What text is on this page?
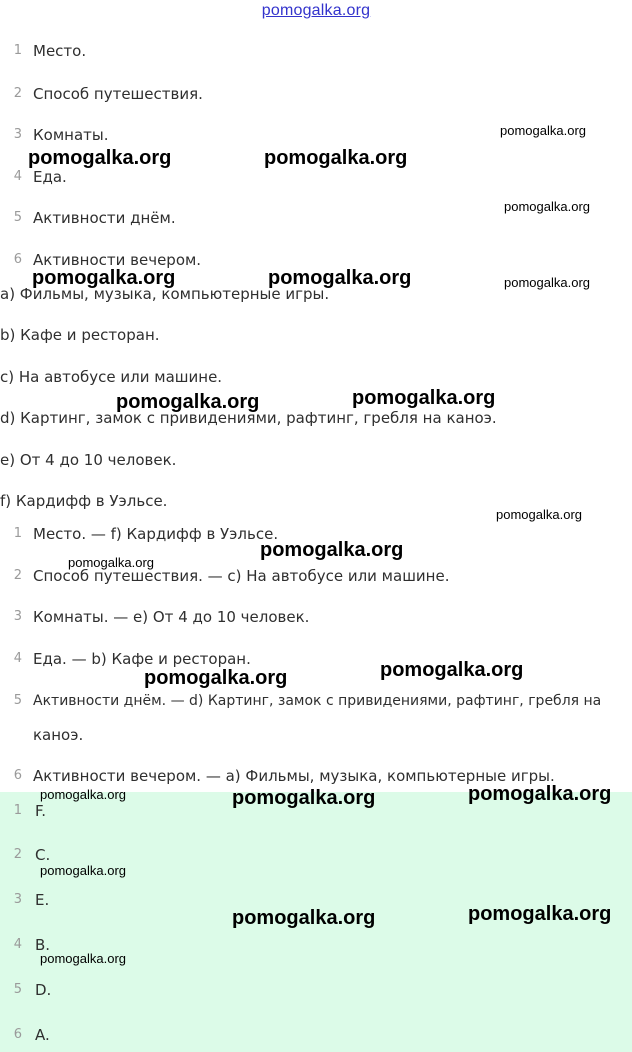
pomogalka.org
1 Место.
2 Способ путешествия.
3 Комнаты.
4 Еда.
5 Активности днём.
6 Активности вечером.
a) Фильмы, музыка, компьютерные игры.
b) Кафе и ресторан.
c) На автобусе или машине.
d) Картинг, замок с привидениями, рафтинг, гребля на каноэ.
e) От 4 до 10 человек.
f) Кардифф в Уэльсе.
1 Место. — f) Кардифф в Уэльсе.
2 Способ путешествия. — c) На автобусе или машине.
3 Комнаты. — e) От 4 до 10 человек.
4 Еда. — b) Кафе и ресторан.
5 Активности днём. — d) Картинг, замок с привидениями, рафтинг, гребля на
каноэ.
6 Активности вечером. — a) Фильмы, музыка, компьютерные игры.
1 F.
2 C.
3 E.
4 B.
5 D.
6 A.
pomogalka.org
pomogalka.org	pomogalka.org
pomogalka.org
pomogalka.org	pomogalka.org	pomogalka.org
pomogalka.org
pomogalka.org
pomogalka.org
pomogalka.org
pomogalka.org
pomogalka.org
pomogalka.org
pomogalka.org	pomogalka.org
pomogalka.org
pomogalka.org
pomogalka.org
pomogalka.org
pomogalka.org
